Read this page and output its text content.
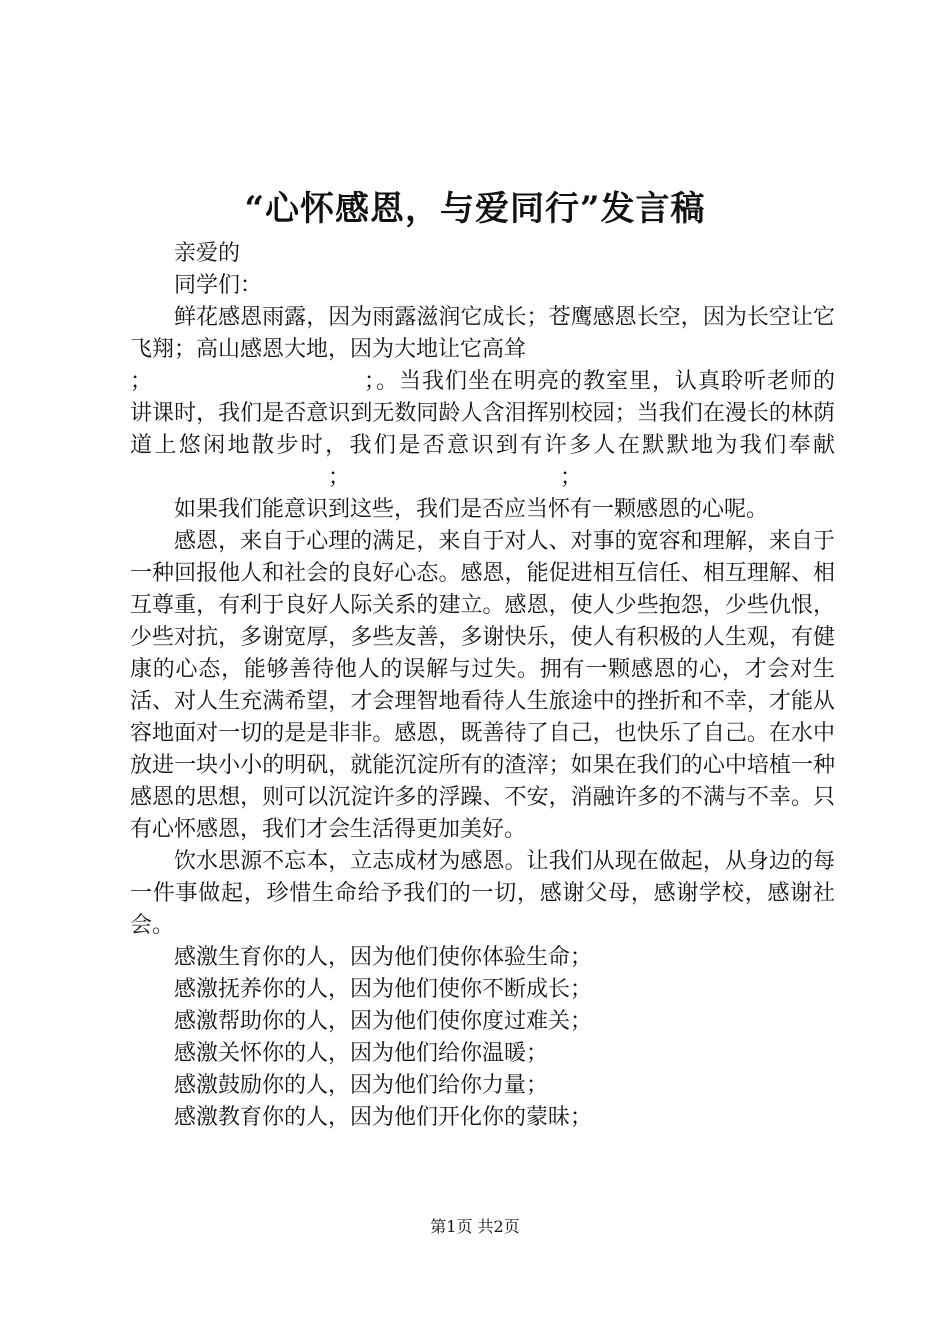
“心怀感恩，与爱同行”发言稿

亲爱的

同学们：

鲜花感恩雨露，因为雨露滋润它成长；苍鹰感恩长空，因为长空让它飞翔；高山感恩大地，因为大地让它高耸
；	；。当我们坐在明亮的教室里，认真聆听老师的讲课时，我们是否意识到无数同龄人含泪挥别校园；当我们在漫长的林荫道上悠闲地散步时，我们是否意识到有许多人在默默地为我们奉献；	；

如果我们能意识到这些，我们是否应当怀有一颗感恩的心呢。

感恩，来自于心理的满足，来自于对人、对事的宽容和理解，来自于一种回报他人和社会的良好心态。感恩，能促进相互信任、相互理解、相互尊重，有利于良好人际关系的建立。感恩，使人少些抱怨，少些仇恨，少些对抗，多谢宽厚，多些友善，多谢快乐，使人有积极的人生观，有健康的心态，能够善待他人的误解与过失。拥有一颗感恩的心，才会对生活、对人生充满希望，才会理智地看待人生旅途中的挫折和不幸，才能从容地面对一切的是是非非。感恩，既善待了自己，也快乐了自己。在水中放进一块小小的明矾，就能沉淀所有的渣滓；如果在我们的心中培植一种感恩的思想，则可以沉淀许多的浮躁、不安，消融许多的不满与不幸。只有心怀感恩，我们才会生活得更加美好。

饮水思源不忘本，立志成材为感恩。让我们从现在做起，从身边的每一件事做起，珍惜生命给予我们的一切，感谢父母，感谢学校，感谢社会。

感激生育你的人，因为他们使你体验生命；

感激抚养你的人，因为他们使你不断成长；

感激帮助你的人，因为他们使你度过难关；

感激关怀你的人，因为他们给你温暖；

感激鼓励你的人，因为他们给你力量；

感激教育你的人，因为他们开化你的蒙昧；

第1页 共2页
